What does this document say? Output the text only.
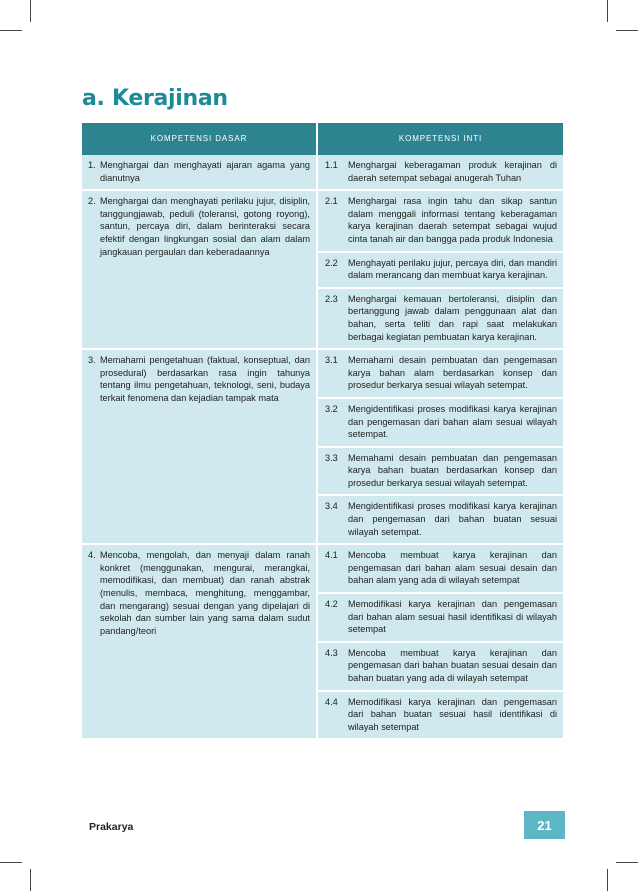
a. Kerajinan
KOMPETENSI DASAR	KOMPETENSI INTI

1. Menghargai dan menghayati ajaran agama yang dianutnya	1.1 Menghargai keberagaman produk kerajinan di daerah setempat sebagai anugerah Tuhan

2. Menghargai dan menghayati perilaku jujur, disiplin, tanggungjawab, peduli (toleransi, gotong royong), santun, percaya diri, dalam berinteraksi secara efektif dengan lingkungan sosial dan alam dalam jangkauan pergaulan dan keberadaannya	2.1 Menghargai rasa ingin tahu dan sikap santun dalam menggali informasi tentang keberagaman karya kerajinan daerah setempat sebagai wujud cinta tanah air dan bangga pada produk Indonesia

	2.2 Menghayati perilaku jujur, percaya diri, dan mandiri dalam merancang dan membuat karya kerajinan.

	2.3 Menghargai kemauan bertoleransi, disiplin dan bertanggung jawab dalam penggunaan alat dan bahan, serta teliti dan rapi saat melakukan berbagai kegiatan pembuatan karya kerajinan.

3. Memahami pengetahuan (faktual, konseptual, dan prosedural) berdasarkan rasa ingin tahunya tentang ilmu pengetahuan, teknologi, seni, budaya terkait fenomena dan kejadian tampak mata	3.1 Memahami desain pembuatan dan pengemasan karya bahan alam berdasarkan konsep dan prosedur berkarya sesuai wilayah setempat.

	3.2 Mengidentifikasi proses modifikasi karya kerajinan dan pengemasan dari bahan alam sesuai wilayah setempat.

	3.3 Memahami desain pembuatan dan pengemasan karya bahan buatan berdasarkan konsep dan prosedur berkarya sesuai wilayah setempat.

	3.4 Mengidentifikasi proses modifikasi karya kerajinan dan pengemasan dari bahan buatan sesuai wilayah setempat.

4. Mencoba, mengolah, dan menyaji dalam ranah konkret (menggunakan, mengurai, merangkai, memodifikasi, dan membuat) dan ranah abstrak (menulis, membaca, menghitung, menggambar, dan mengarang) sesuai dengan yang dipelajari di sekolah dan sumber lain yang sama dalam sudut pandang/teori	4.1 Mencoba membuat karya kerajinan dan pengemasan dari bahan alam sesuai desain dan bahan alam yang ada di wilayah setempat

	4.2 Memodifikasi karya kerajinan dan pengemasan dari bahan alam sesuai hasil identifikasi di wilayah setempat

	4.3 Mencoba membuat karya kerajinan dan pengemasan dari bahan buatan sesuai desain dan bahan buatan yang ada di wilayah setempat

	4.4 Memodifikasi karya kerajinan dan pengemasan dari bahan buatan sesuai hasil identifikasi di wilayah setempat
Prakarya	21
